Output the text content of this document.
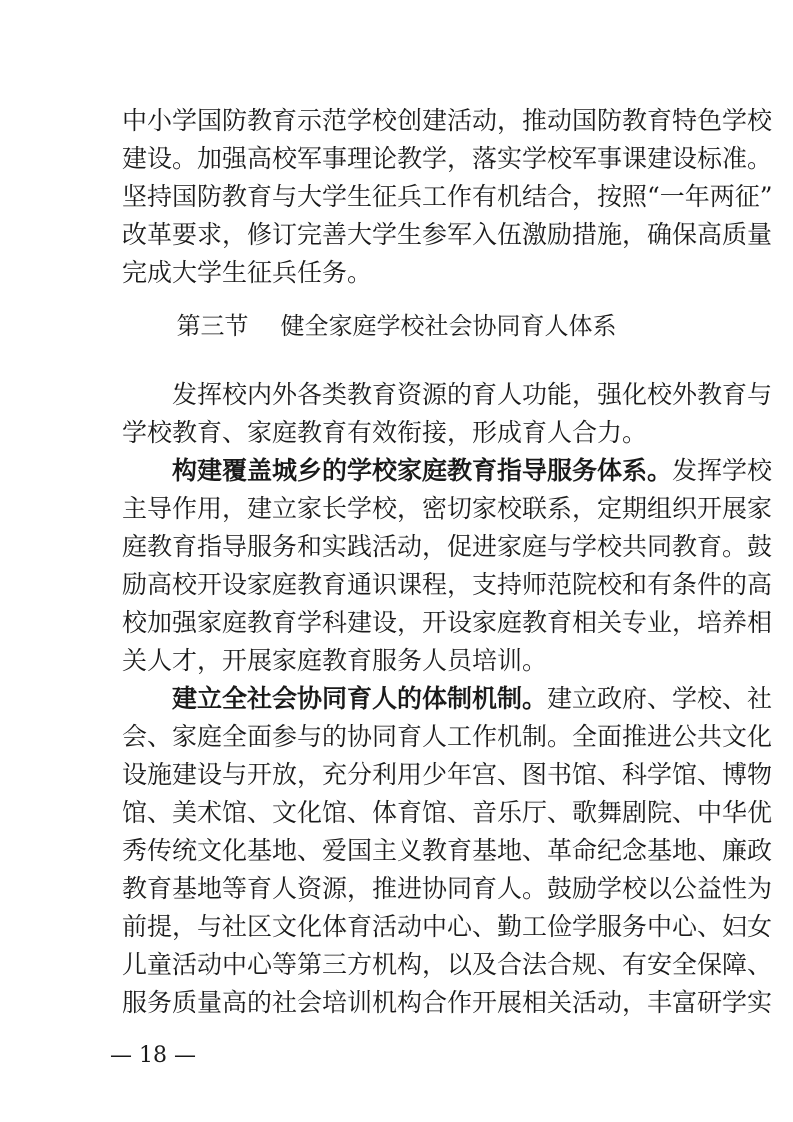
中小学国防教育示范学校创建活动，推动国防教育特色学校
建设。加强高校军事理论教学，落实学校军事课建设标准。
坚持国防教育与大学生征兵工作有机结合，按照“一年两征”
改革要求，修订完善大学生参军入伍激励措施，确保高质量
完成大学生征兵任务。
第三节 健全家庭学校社会协同育人体系
发挥校内外各类教育资源的育人功能，强化校外教育与
学校教育、家庭教育有效衔接，形成育人合力。
构建覆盖城乡的学校家庭教育指导服务体系。发挥学校
主导作用，建立家长学校，密切家校联系，定期组织开展家
庭教育指导服务和实践活动，促进家庭与学校共同教育。鼓
励高校开设家庭教育通识课程，支持师范院校和有条件的高
校加强家庭教育学科建设，开设家庭教育相关专业，培养相
关人才，开展家庭教育服务人员培训。
建立全社会协同育人的体制机制。建立政府、学校、社
会、家庭全面参与的协同育人工作机制。全面推进公共文化
设施建设与开放，充分利用少年宫、图书馆、科学馆、博物
馆、美术馆、文化馆、体育馆、音乐厅、歌舞剧院、中华优
秀传统文化基地、爱国主义教育基地、革命纪念基地、廉政
教育基地等育人资源，推进协同育人。鼓励学校以公益性为
前提，与社区文化体育活动中心、勤工俭学服务中心、妇女
儿童活动中心等第三方机构，以及合法合规、有安全保障、
服务质量高的社会培训机构合作开展相关活动，丰富研学实
— 18 —
